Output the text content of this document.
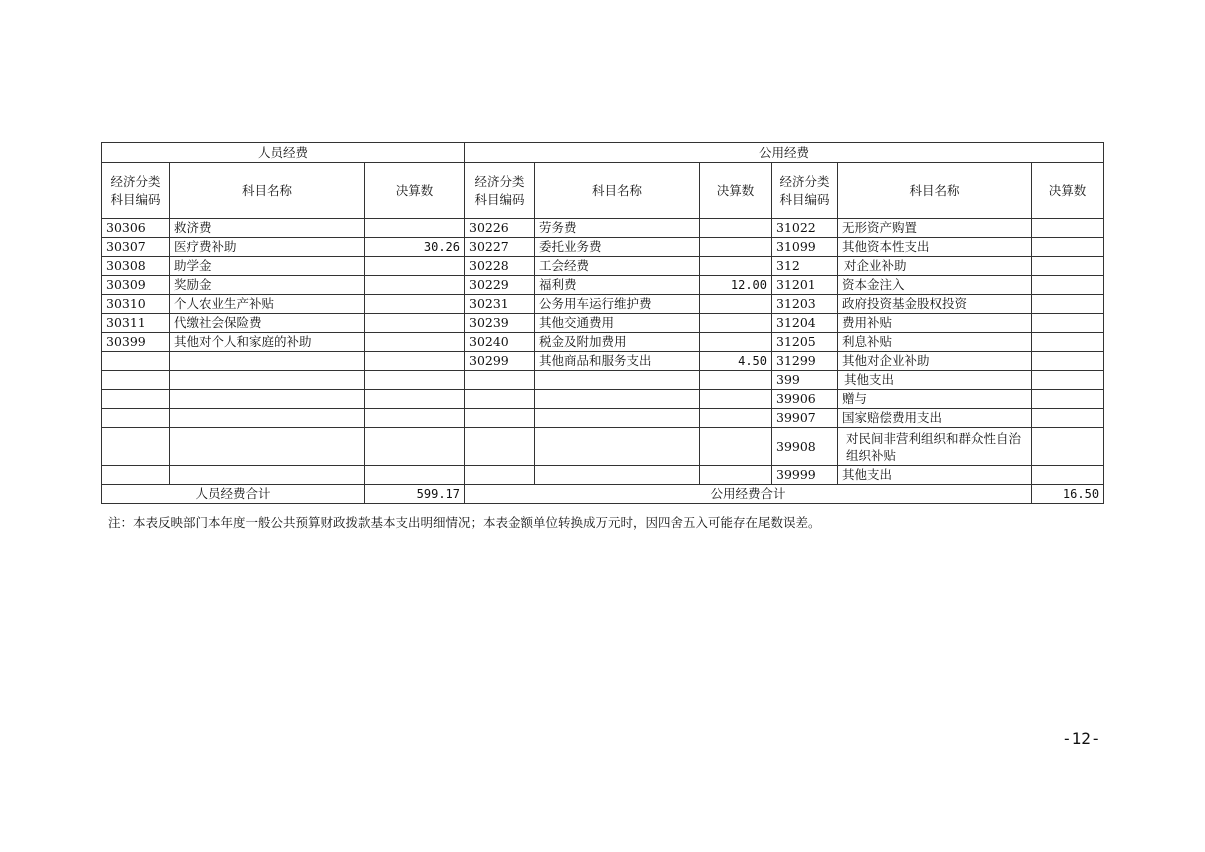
人员经费			公用经费					
经济分类科目编码	科目名称	决算数	经济分类科目编码	科目名称	决算数	经济分类科目编码	科目名称	决算数
30306	救济费		30226	劳务费		31022	无形资产购置	
30307	医疗费补助	30.26	30227	委托业务费		31099	其他资本性支出	
30308	助学金		30228	工会经费		312	对企业补助	
30309	奖励金		30229	福利费	12.00	31201	资本金注入	
30310	个人农业生产补贴		30231	公务用车运行维护费		31203	政府投资基金股权投资	
30311	代缴社会保险费		30239	其他交通费用		31204	费用补贴	
30399	其他对个人和家庭的补助		30240	税金及附加费用		31205	利息补贴	
			30299	其他商品和服务支出	4.50	31299	其他对企业补助	
						399	其他支出	
						39906	赠与	
						39907	国家赔偿费用支出	
						39908	对民间非营利组织和群众性自治组织补贴	
						39999	其他支出	
人员经费合计		599.17	公用经费合计					16.50
注：本表反映部门本年度一般公共预算财政拨款基本支出明细情况；本表金额单位转换成万元时，因四舍五入可能存在尾数误差。
-12-
